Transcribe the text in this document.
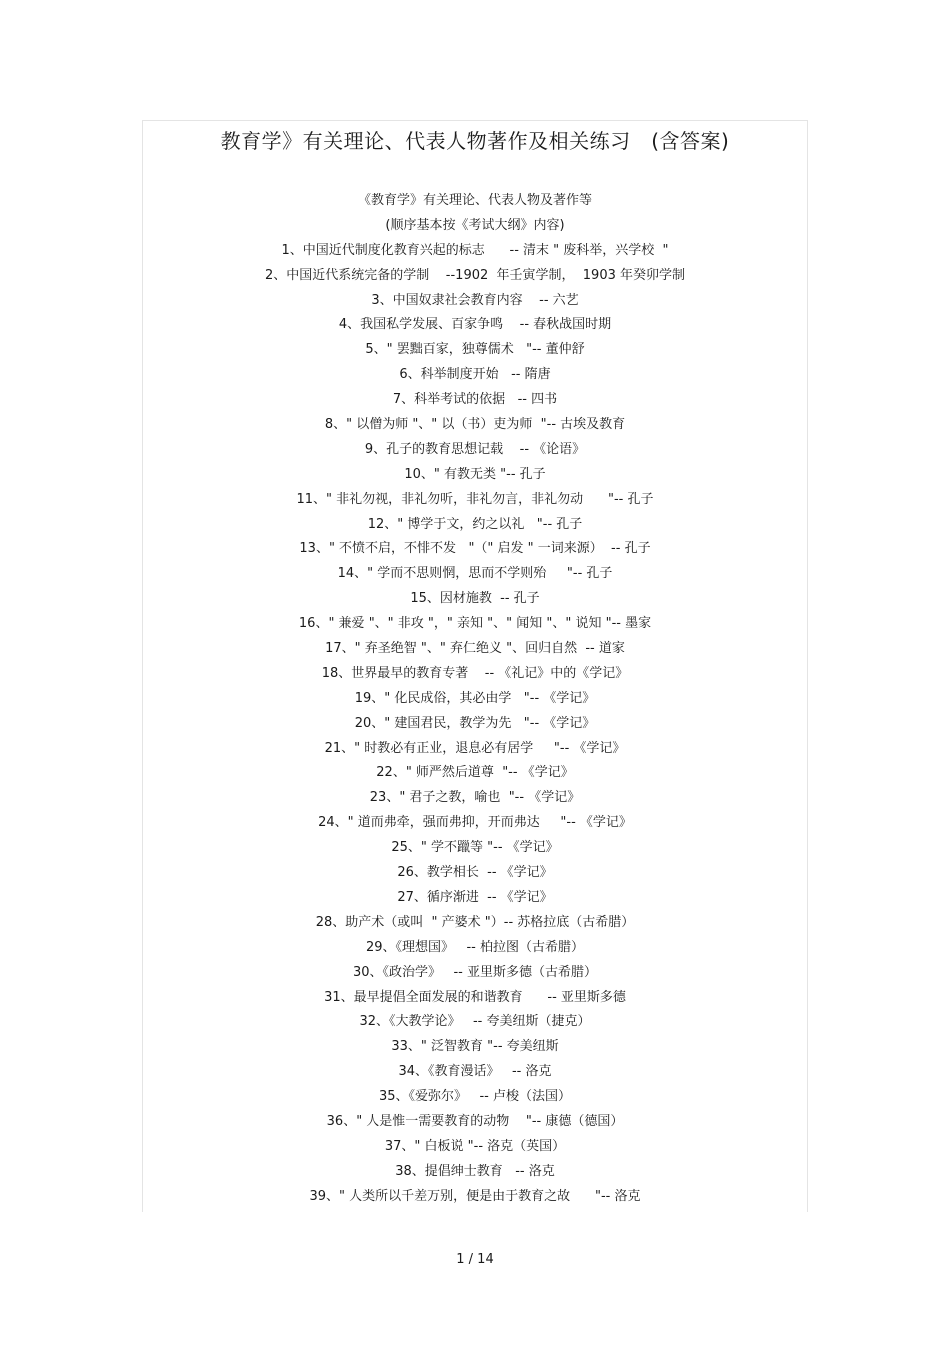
教育学》有关理论、代表人物著作及相关练习   (含答案)
《教育学》有关理论、代表人物及著作等
(顺序基本按《考试大纲》内容)
1、中国近代制度化教育兴起的标志      -- 清末 " 废科举，兴学校  "
2、中国近代系统完备的学制    --1902  年壬寅学制，  1903 年癸卯学制
3、中国奴隶社会教育内容    -- 六艺
4、我国私学发展、百家争鸣    -- 春秋战国时期
5、" 罢黜百家，独尊儒术   "-- 董仲舒
6、科举制度开始   -- 隋唐
7、科举考试的依据   -- 四书
8、" 以僧为师 "、" 以（书）吏为师  "-- 古埃及教育
9、孔子的教育思想记载    -- 《论语》
10、" 有教无类 "-- 孔子
11、" 非礼勿视，非礼勿听，非礼勿言，非礼勿动      "-- 孔子
12、" 博学于文，约之以礼   "-- 孔子
13、" 不愤不启，不悱不发   "（" 启发 " 一词来源）  -- 孔子
14、" 学而不思则惘，思而不学则殆     "-- 孔子
15、因材施教  -- 孔子
16、" 兼爱 "、" 非攻 "，" 亲知 "、" 闻知 "、" 说知 "-- 墨家
17、" 弃圣绝智 "、" 弃仁绝义 "、回归自然  -- 道家
18、世界最早的教育专著    -- 《礼记》中的《学记》
19、" 化民成俗，其必由学   "-- 《学记》
20、" 建国君民，教学为先   "-- 《学记》
21、" 时教必有正业，退息必有居学     "-- 《学记》
22、" 师严然后道尊  "-- 《学记》
23、" 君子之教，喻也  "-- 《学记》
24、" 道而弗牵，强而弗抑，开而弗达     "-- 《学记》
25、" 学不躐等 "-- 《学记》
26、教学相长  -- 《学记》
27、循序渐进  -- 《学记》
28、助产术（或叫  " 产婆术 "）-- 苏格拉底（古希腊）
29、《理想国》   -- 柏拉图（古希腊）
30、《政治学》   -- 亚里斯多德（古希腊）
31、最早提倡全面发展的和谐教育      -- 亚里斯多德
32、《大教学论》   -- 夸美纽斯（捷克）
33、" 泛智教育 "-- 夸美纽斯
34、《教育漫话》   -- 洛克
35、《爱弥尔》   -- 卢梭（法国）
36、" 人是惟一需要教育的动物    "-- 康德（德国）
37、" 白板说 "-- 洛克（英国）
38、提倡绅士教育   -- 洛克
39、" 人类所以千差万别，便是由于教育之故      "-- 洛克
1 / 14
